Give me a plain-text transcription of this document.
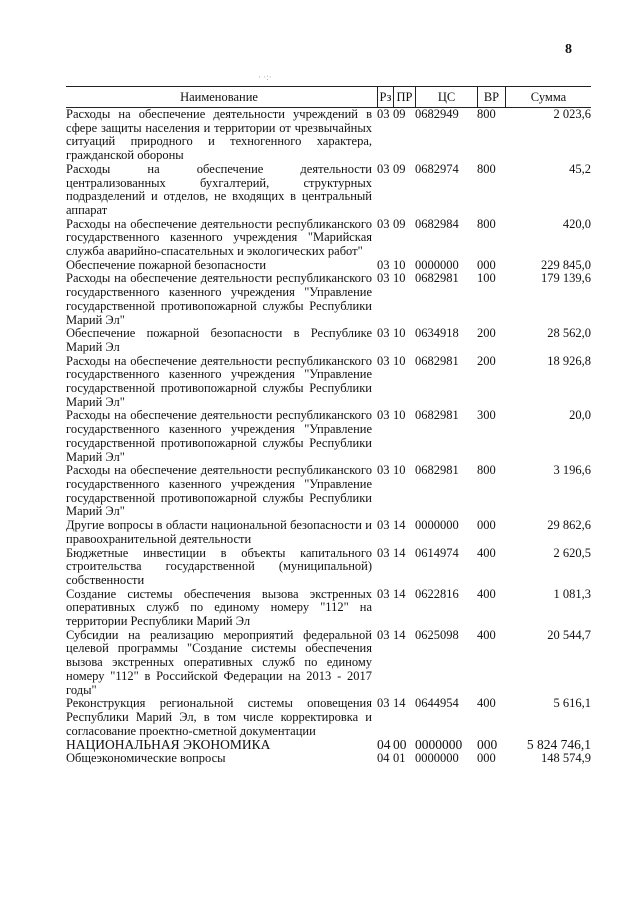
8
· ·:·
Наименование	Рз ПР	ЦС	ВР	Сумма
Расходы на обеспечение деятельности учреждений в сфере защиты населения и территории от чрезвычайных ситуаций природного и техногенного характера, гражданской обороны
03 09 0682949	800	2 023,6
Расходы на обеспечение деятельности централизованных бухгалтерий, структурных подразделений и отделов, не входящих в центральный аппарат
03 09 0682974	800	45,2
Расходы на обеспечение деятельности республиканского государственного казенного учреждения "Марийская служба аварийно-спасательных и экологических работ"
03 09 0682984	800	420,0
Обеспечение пожарной безопасности	03 10 0000000	000	229 845,0
Расходы на обеспечение деятельности республиканского государственного казенного учреждения "Управление государственной противопожарной службы Республики Марий Эл"
03 10 0682981	100	179 139,6
Обеспечение пожарной безопасности в Республике Марий Эл
03 10 0634918	200	28 562,0
Расходы на обеспечение деятельности республиканского государственного казенного учреждения "Управление государственной противопожарной службы Республики Марий Эл"
03 10 0682981	200	18 926,8
Расходы на обеспечение деятельности республиканского государственного казенного учреждения "Управление государственной противопожарной службы Республики Марий Эл"
03 10 0682981	300	20,0
Расходы на обеспечение деятельности республиканского государственного казенного учреждения "Управление государственной противопожарной службы Республики Марий Эл"
03 10 0682981	800	3 196,6
Другие вопросы в области национальной безопасности и правоохранительной деятельности
03 14 0000000	000	29 862,6
Бюджетные инвестиции в объекты капитального строительства государственной (муниципальной) собственности
03 14 0614974	400	2 620,5
Создание системы обеспечения вызова экстренных оперативных служб по единому номеру "112" на территории Республики Марий Эл
03 14 0622816	400	1 081,3
Субсидии на реализацию мероприятий федеральной целевой программы "Создание системы обеспечения вызова экстренных оперативных служб по единому номеру "112" в Российской Федерации на 2013 - 2017 годы"
03 14 0625098	400	20 544,7
Реконструкция региональной системы оповещения Республики Марий Эл, в том числе корректировка и согласование проектно-сметной документации
03 14 0644954	400	5 616,1
НАЦИОНАЛЬНАЯ ЭКОНОМИКА	04 00 0000000	000	5 824 746,1
Общеэкономические вопросы	04 01 0000000	000	148 574,9
